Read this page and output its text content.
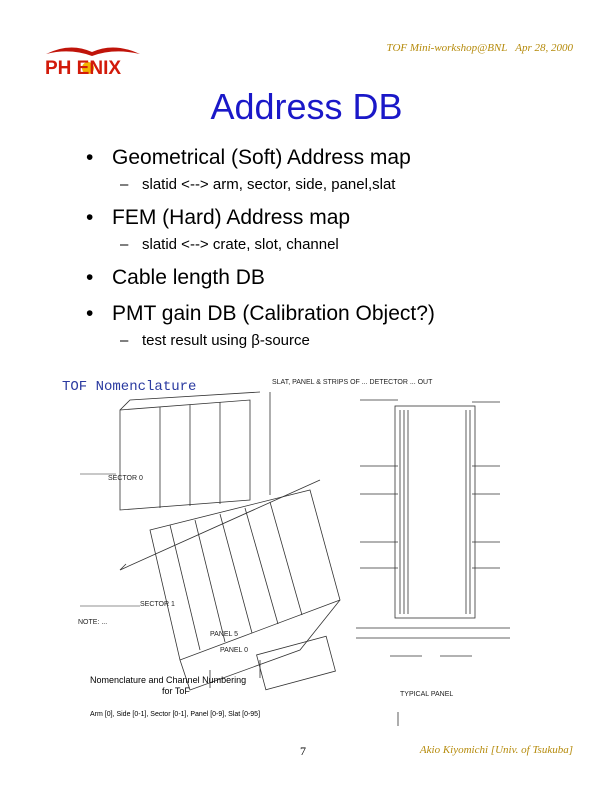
PH ENIX
TOF Mini-workshop@BNL   Apr 28, 2000
Address DB
• Geometrical (Soft) Address map
– slatid <--> arm, sector, side, panel,slat
• FEM (Hard) Address map
– slatid <--> crate, slot, channel
• Cable length DB
• PMT gain DB (Calibration Object?)
– test result using β-source
SECTOR 0
SECTOR 1
NOTE: ...
PANEL 5
PANEL 0
SLAT, PANEL & STRIPS OF ... DETECTOR ... OUT
TYPICAL PANEL
TOF Nomenclature
Nomenclature and Channel Numbering
for ToF
Arm [0], Side [0-1], Sector [0-1], Panel [0-9], Slat [0-95]
7	Akio Kiyomichi [Univ. of Tsukuba]
